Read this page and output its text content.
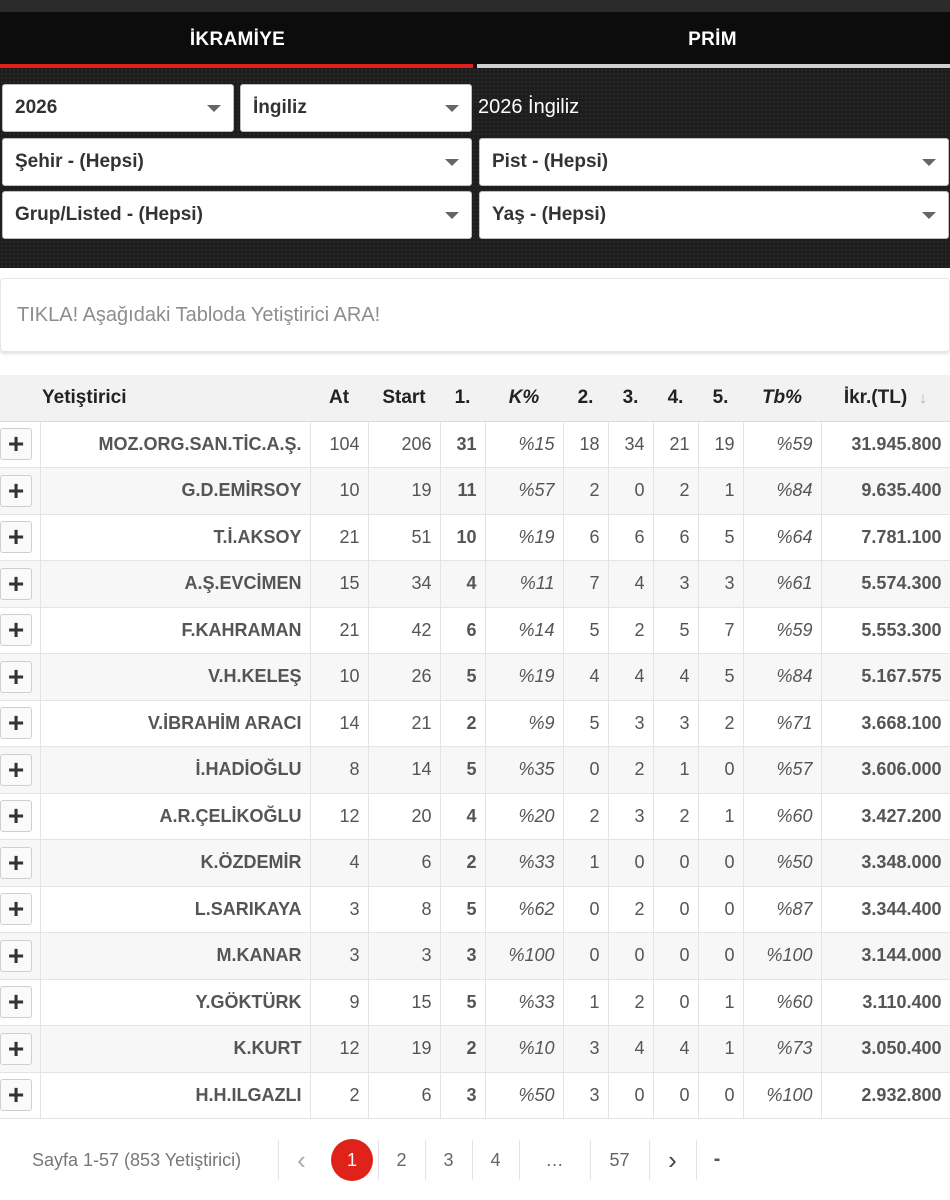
İKRAMİYE	PRİM
2026	İngiliz	2026 İngiliz
Şehir - (Hepsi)	Pist - (Hepsi)
Grup/Listed - (Hepsi)	Yaş - (Hepsi)
TIKLA! Aşağıdaki Tabloda Yetiştirici ARA!
Yetiştirici		At	Start	1.	K%	2.	3.	4.	5.	Tb%	İkr.(TL) ↓
+	MOZ.ORG.SAN.TİC.A.Ş.	104	206	31	%15	18	34	21	19	%59	31.945.800
+	G.D.EMİRSOY	10	19	11	%57	2	0	2	1	%84	9.635.400
+	T.İ.AKSOY	21	51	10	%19	6	6	6	5	%64	7.781.100
+	A.Ş.EVCİMEN	15	34	4	%11	7	4	3	3	%61	5.574.300
+	F.KAHRAMAN	21	42	6	%14	5	2	5	7	%59	5.553.300
+	V.H.KELEŞ	10	26	5	%19	4	4	4	5	%84	5.167.575
+	V.İBRAHİM ARACI	14	21	2	%9	5	3	3	2	%71	3.668.100
+	İ.HADİOĞLU	8	14	5	%35	0	2	1	0	%57	3.606.000
+	A.R.ÇELİKOĞLU	12	20	4	%20	2	3	2	1	%60	3.427.200
+	K.ÖZDEMİR	4	6	2	%33	1	0	0	0	%50	3.348.000
+	L.SARIKAYA	3	8	5	%62	0	2	0	0	%87	3.344.400
+	M.KANAR	3	3	3	%100	0	0	0	0	%100	3.144.000
+	Y.GÖKTÜRK	9	15	5	%33	1	2	0	1	%60	3.110.400
+	K.KURT	12	19	2	%10	3	4	4	1	%73	3.050.400
+	H.H.ILGAZLI	2	6	3	%50	3	0	0	0	%100	2.932.800
Sayfa 1-57 (853 Yetiştirici)	‹	1	2	3	4	…	57	›	▪▪
